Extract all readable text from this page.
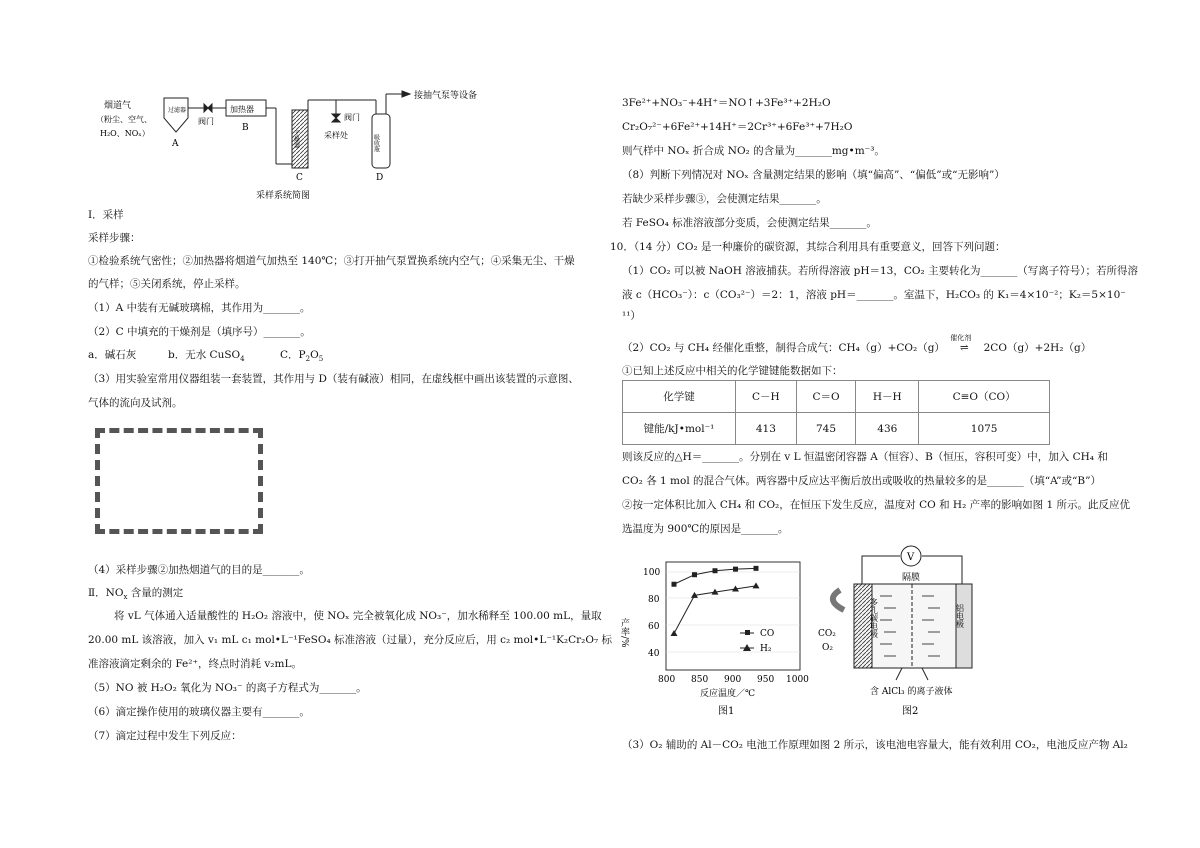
烟道气
（粉尘、空气、
H₂O、NOₓ）
过滤器
A
阀门
加热器
B
干燥器
C
阀门
采样处	吸收瓶
D
接抽气泵等设备
采样系统简图
Ⅰ．采样
采样步骤：
①检验系统气密性；②加热器将烟道气加热至 140℃；③打开抽气泵置换系统内空气；④采集无尘、干燥
的气样；⑤关闭系统，停止采样。
（1）A 中装有无碱玻璃棉，其作用为_______。
（2）C 中填充的干燥剂是（填序号）_______。
a．碱石灰	b．无水 CuSO$_4$	C．$P_2O_5$
（3）用实验室常用仪器组装一套装置，其作用与 D（装有碱液）相同，在虚线框中画出该装置的示意图、
气体的流向及试剂。
（4）采样步骤②加热烟道气的目的是_______。
Ⅱ．$NO_x$ 含量的测定
将 vL 气体通入适量酸性的 H₂O₂ 溶液中，使 NOₓ 完全被氧化成 NO₃⁻，加水稀释至 100.00 mL，量取
20.00 mL 该溶液，加入 v₁ mL c₁ mol•L⁻¹FeSO₄ 标准溶液（过量），充分反应后，用 c₂ mol•L⁻¹K₂Cr₂O₇ 标
准溶液滴定剩余的 Fe²⁺，终点时消耗 v₂mL。
（5）NO 被 H₂O₂ 氧化为 NO₃⁻ 的离子方程式为_______。
（6）滴定操作使用的玻璃仪器主要有_______。
（7）滴定过程中发生下列反应：
3Fe²⁺+NO₃⁻+4H⁺＝NO↑+3Fe³⁺+2H₂O
Cr₂O₇²⁻+6Fe²⁺+14H⁺＝2Cr³⁺+6Fe³⁺+7H₂O
则气样中 NOₓ 折合成 NO₂ 的含量为_______mg•m⁻³。
（8）判断下列情况对 NOₓ 含量测定结果的影响（填“偏高”、“偏低”或“无影响”）
若缺少采样步骤③，会使测定结果_______。
若 FeSO₄ 标准溶液部分变质，会使测定结果_______。
10．（14 分）CO₂ 是一种廉价的碳资源，其综合利用具有重要意义，回答下列问题：
（1）CO₂ 可以被 NaOH 溶液捕获。若所得溶液 pH＝13，CO₂ 主要转化为_______（写离子符号）；若所得溶
液 c（HCO₃⁻）：c（CO₃²⁻）＝2：1，溶液 pH＝_______。室温下，H₂CO₃ 的 K₁＝4×10⁻²；K₂＝5×10⁻
¹¹）
（2）CO₂ 与 CH₄ 经催化重整，制得合成气：CH₄（g）+CO₂（g）
催化剂
⇌ 2CO（g）+2H₂（g）
①已知上述反应中相关的化学键键能数据如下：
化学键	C－H	C＝O	H－H	C≡O（CO）
键能/kJ•mol⁻¹	413	745	436	1075
则该反应的△H＝_______。分别在 v L 恒温密闭容器 A（恒容）、B（恒压，容积可变）中，加入 CH₄ 和
CO₂ 各 1 mol 的混合气体。两容器中反应达平衡后放出或吸收的热量较多的是_______（填“A”或“B”）
②按一定体积比加入 CH₄ 和 CO₂，在恒压下发生反应，温度对 CO 和 H₂ 产率的影响如图 1 所示。此反应优
选温度为 900℃的原因是_______。
产率/%
40
60
80
100
800 850 900 950 1000
反应温度／℃
图1
CO
H₂
V
隔膜
多孔碳电极	铝电极
CO₂
O₂
含 AlCl₃ 的离子液体
图2
（3）O₂ 辅助的 Al－CO₂ 电池工作原理如图 2 所示，该电池电容量大，能有效利用 CO₂，电池反应产物 Al₂
